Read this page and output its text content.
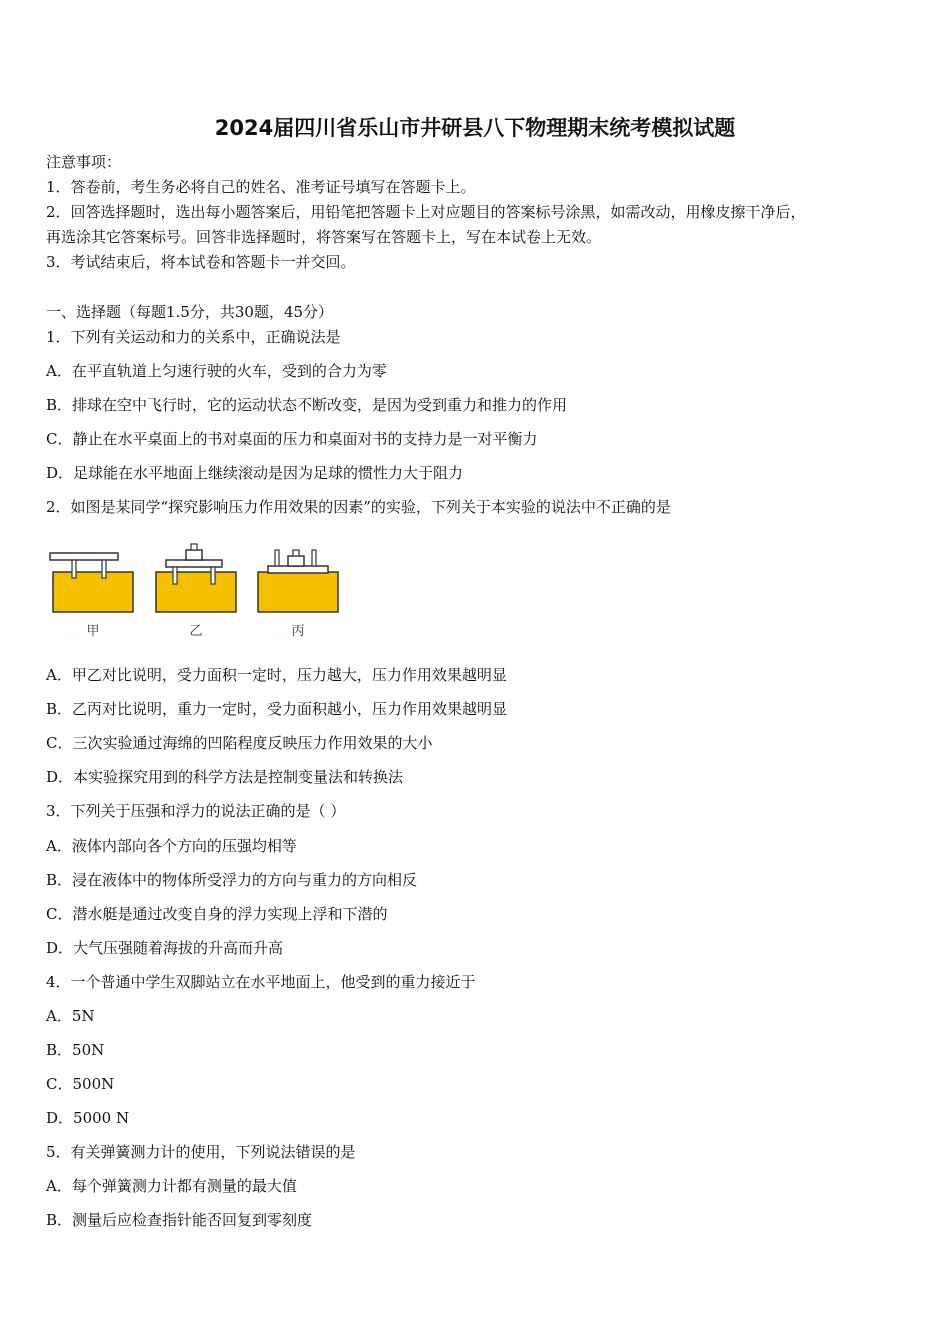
2024届四川省乐山市井研县八下物理期末统考模拟试题
注意事项：
1．答卷前，考生务必将自己的姓名、准考证号填写在答题卡上。
2．回答选择题时，选出每小题答案后，用铅笔把答题卡上对应题目的答案标号涂黑，如需改动，用橡皮擦干净后，
再选涂其它答案标号。回答非选择题时，将答案写在答题卡上，写在本试卷上无效。
3．考试结束后，将本试卷和答题卡一并交回。
一、选择题（每题1.5分，共30题，45分）
1．下列有关运动和力的关系中，正确说法是
A．在平直轨道上匀速行驶的火车，受到的合力为零
B．排球在空中飞行时，它的运动状态不断改变，是因为受到重力和推力的作用
C．静止在水平桌面上的书对桌面的压力和桌面对书的支持力是一对平衡力
D．足球能在水平地面上继续滚动是因为足球的惯性力大于阻力
2．如图是某同学“探究影响压力作用效果的因素”的实验，下列关于本实验的说法中不正确的是
甲	乙	丙
A．甲乙对比说明，受力面积一定时，压力越大，压力作用效果越明显
B．乙丙对比说明，重力一定时，受力面积越小，压力作用效果越明显
C．三次实验通过海绵的凹陷程度反映压力作用效果的大小
D．本实验探究用到的科学方法是控制变量法和转换法
3．下列关于压强和浮力的说法正确的是（ ）
A．液体内部向各个方向的压强均相等
B．浸在液体中的物体所受浮力的方向与重力的方向相反
C．潜水艇是通过改变自身的浮力实现上浮和下潜的
D．大气压强随着海拔的升高而升高
4．一个普通中学生双脚站立在水平地面上，他受到的重力接近于
A．5N
B．50N
C．500N
D．5000 N
5．有关弹簧测力计的使用，下列说法错误的是
A．每个弹簧测力计都有测量的最大值
B．测量后应检查指针能否回复到零刻度
